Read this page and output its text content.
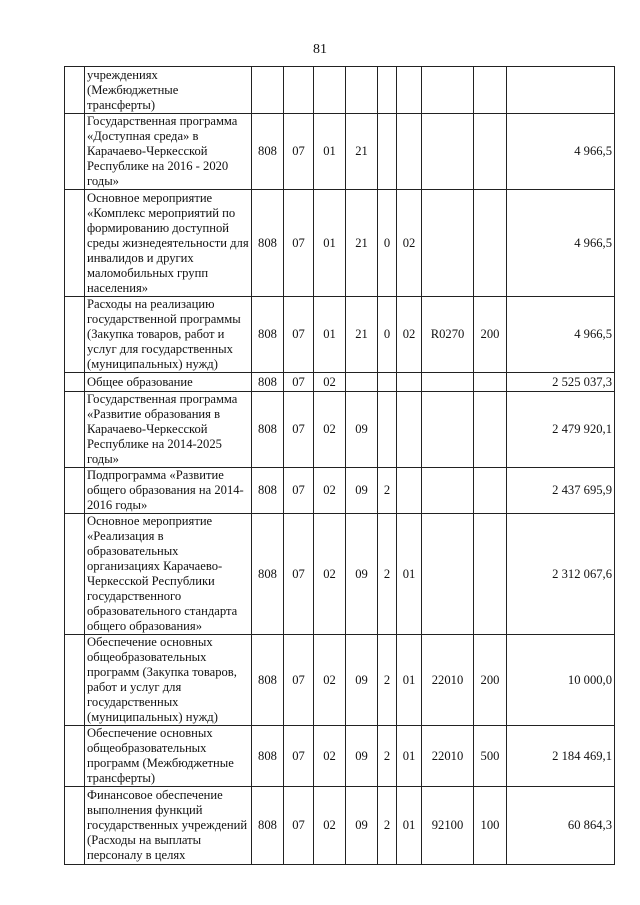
81
	учреждениях (Межбюджетные трансферты)									
	Государственная программа «Доступная среда» в Карачаево-Черкесской Республике на 2016 - 2020 годы»	808	07	01	21					4 966,5
	Основное мероприятие «Комплекс мероприятий по формированию доступной среды жизнедеятельности для инвалидов и других маломобильных групп населения»	808	07	01	21	0	02			4 966,5
	Расходы на реализацию государственной программы (Закупка товаров, работ и услуг для государственных (муниципальных) нужд)	808	07	01	21	0	02	R0270	200	4 966,5
	Общее образование	808	07	02						2 525 037,3
	Государственная программа «Развитие образования в Карачаево-Черкесской Республике на 2014-2025 годы»	808	07	02	09					2 479 920,1
	Подпрограмма «Развитие общего образования на 2014-2016 годы»	808	07	02	09	2				2 437 695,9
	Основное мероприятие «Реализация в образовательных организациях Карачаево-Черкесской Республики государственного образовательного стандарта общего образования»	808	07	02	09	2	01			2 312 067,6
	Обеспечение основных общеобразовательных программ (Закупка товаров, работ и услуг для государственных (муниципальных) нужд)	808	07	02	09	2	01	22010	200	10 000,0
	Обеспечение основных общеобразовательных программ (Межбюджетные трансферты)	808	07	02	09	2	01	22010	500	2 184 469,1
	Финансовое обеспечение выполнения функций государственных учреждений (Расходы на выплаты персоналу в целях	808	07	02	09	2	01	92100	100	60 864,3
